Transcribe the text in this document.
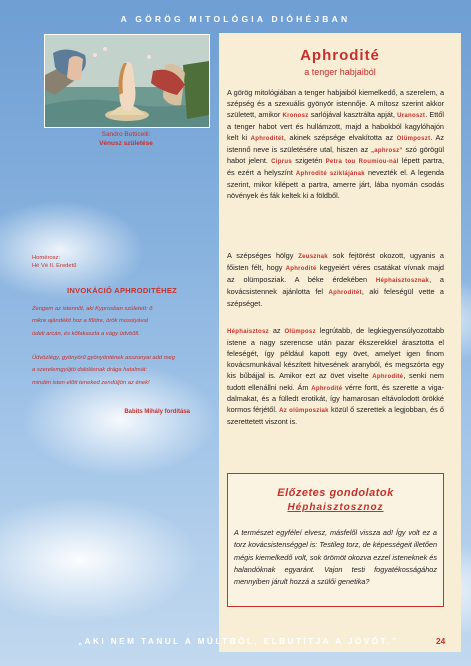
A GÖRÖG MITOLÓGIA DIÓHÉJBAN
Sandro Botticelli:
Vénusz születése
Aphrodité
a tenger habjaiból

A görög mitológiában a tenger habjaiból kiemelkedő, a szerelem, a szépség és a szexuális gyönyör istennője. A mítosz szerint akkor született, amikor Kronosz sarlójával kasztrálta apját, Uranoszt. Ettől a tenger habot vert és hullámzott, majd a habokból kagylóhajón kelt ki Aphroditét, akinek szépsége elvakította az Olümposzt. Az istennő neve is születésére utal, hiszen az „aphrosz” szó görögül habot jelent. Ciprus szigetén Petra tou Roumiou-nál lépett partra, és ezért a helyszínt Aphrodité sziklájának nevezték el. A legenda szerint, mikor kilépett a partra, amerre járt, lába nyomán csodás növények és fák keltek ki a földből.

A szépséges hölgy Zeusznak sok fejtörést okozott, ugyanis a főisten félt, hogy Aphrodité kegyeiért véres csatákat vívnak majd az olümposziak. A béke érdekében Héphaisztosznak, a kovácsistennek ajánlotta fel Aphroditét, aki feleségül vette a szépséget.

Héphaisztosz az Olümposz legrútabb, de legkiegyensúlyozottabb istene a nagy szerencse után pazar ékszerekkel árasztotta el feleségét, így például kapott egy övet, amelyet igen finom kovácsmunkával készített hitvesének aranyból, és megszórta egy kis bűbájjal is. Amikor ezt az övet viselte Aphrodité, senki nem tudott ellenállni neki. Ám Aphrodité vérre fortt, és szerette a viga-dalmakat, és a fülledt erotikát, így hamarosan eltávolodott örökké kormos férjétől. Az olümposziak közül ő szerettek a legjobban, és ő szerettetett viszont is.

Előzetes gondolatok
Héphaisztosznoz
A természet egyféleí elvesz, másfelől vissza ad! Így volt ez a torz kovácsistenséggel is: Testileg torz, de képességeit illetően mégis kiemelkedő volt, sok örömöt okozva ezzel isteneknek és halandóknak egyaránt. Vajon testi fogyatékosságához mennyiben járult hozzá a szülői genetika?
Homérosz:
Hé Vé II. Eredetű
INVOKÁCIÓ APHRODITÉHEZ
Zengem az istennőt, aki Kyprosban született: ő
mikre ajándékit hoz a főldre, örök mosolyával
üdeti arcán, és kőfakaszta a vágy üdvbőll.
Üdvözlégy, gyönyörű gyönyöntének asszonyai add meg
a szerelemgyújtó dalolásnak drága hatalmát:
mindén isten előtt teneked zendüljön az ének!
Babits Mihály fordítása
„AKI NEM TANUL A MÚLTBÓL, ELBUTÍTJA A JÖVŐT.”	24
